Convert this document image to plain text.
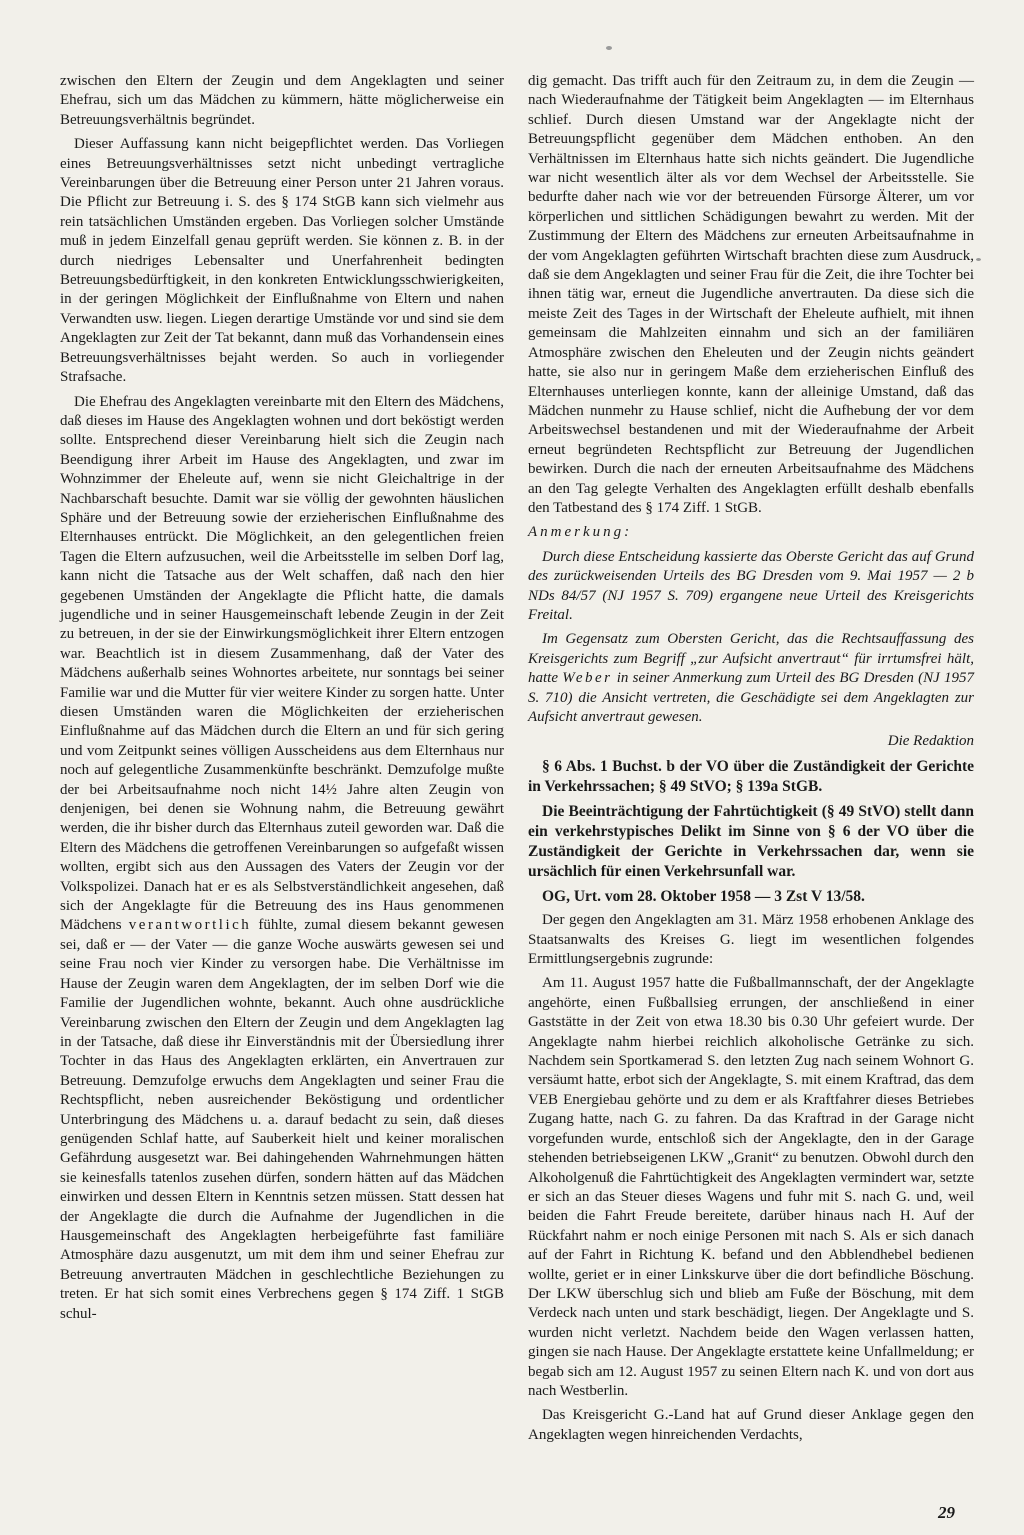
zwischen den Eltern der Zeugin und dem Angeklagten und seiner Ehefrau, sich um das Mädchen zu kümmern, hätte möglicherweise ein Betreuungsverhältnis begründet.

Dieser Auffassung kann nicht beigepflichtet werden. Das Vorliegen eines Betreuungsverhältnisses setzt nicht unbedingt vertragliche Vereinbarungen über die Betreuung einer Person unter 21 Jahren voraus. Die Pflicht zur Betreuung i. S. des § 174 StGB kann sich vielmehr aus rein tatsächlichen Umständen ergeben. Das Vorliegen solcher Umstände muß in jedem Einzelfall genau geprüft werden. Sie können z. B. in der durch niedriges Lebensalter und Unerfahrenheit bedingten Betreuungsbedürftigkeit, in den konkreten Entwicklungsschwierigkeiten, in der geringen Möglichkeit der Einflußnahme von Eltern und nahen Verwandten usw. liegen. Liegen derartige Umstände vor und sind sie dem Angeklagten zur Zeit der Tat bekannt, dann muß das Vorhandensein eines Betreuungsverhältnisses bejaht werden. So auch in vorliegender Strafsache.

Die Ehefrau des Angeklagten vereinbarte mit den Eltern des Mädchens, daß dieses im Hause des Angeklagten wohnen und dort beköstigt werden sollte. Entsprechend dieser Vereinbarung hielt sich die Zeugin nach Beendigung ihrer Arbeit im Hause des Angeklagten, und zwar im Wohnzimmer der Eheleute auf, wenn sie nicht Gleichaltrige in der Nachbarschaft besuchte. Damit war sie völlig der gewohnten häuslichen Sphäre und der Betreuung sowie der erzieherischen Einflußnahme des Elternhauses entrückt. Die Möglichkeit, an den gelegentlichen freien Tagen die Eltern aufzusuchen, weil die Arbeitsstelle im selben Dorf lag, kann nicht die Tatsache aus der Welt schaffen, daß nach den hier gegebenen Umständen der Angeklagte die Pflicht hatte, die damals jugendliche und in seiner Hausgemeinschaft lebende Zeugin in der Zeit zu betreuen, in der sie der Einwirkungsmöglichkeit ihrer Eltern entzogen war. Beachtlich ist in diesem Zusammenhang, daß der Vater des Mädchens außerhalb seines Wohnortes arbeitete, nur sonntags bei seiner Familie war und die Mutter für vier weitere Kinder zu sorgen hatte. Unter diesen Umständen waren die Möglichkeiten der erzieherischen Einflußnahme auf das Mädchen durch die Eltern an und für sich gering und vom Zeitpunkt seines völligen Ausscheidens aus dem Elternhaus nur noch auf gelegentliche Zusammenkünfte beschränkt. Demzufolge mußte der bei Arbeitsaufnahme noch nicht 14½ Jahre alten Zeugin von denjenigen, bei denen sie Wohnung nahm, die Betreuung gewährt werden, die ihr bisher durch das Elternhaus zuteil geworden war. Daß die Eltern des Mädchens die getroffenen Vereinbarungen so aufgefaßt wissen wollten, ergibt sich aus den Aussagen des Vaters der Zeugin vor der Volkspolizei. Danach hat er es als Selbstverständlichkeit angesehen, daß sich der Angeklagte für die Betreuung des ins Haus genommenen Mädchens verantwortlich fühlte, zumal diesem bekannt gewesen sei, daß er — der Vater — die ganze Woche auswärts gewesen sei und seine Frau noch vier Kinder zu versorgen habe. Die Verhältnisse im Hause der Zeugin waren dem Angeklagten, der im selben Dorf wie die Familie der Jugendlichen wohnte, bekannt. Auch ohne ausdrückliche Vereinbarung zwischen den Eltern der Zeugin und dem Angeklagten lag in der Tatsache, daß diese ihr Einverständnis mit der Übersiedlung ihrer Tochter in das Haus des Angeklagten erklärten, ein Anvertrauen zur Betreuung. Demzufolge erwuchs dem Angeklagten und seiner Frau die Rechtspflicht, neben ausreichender Beköstigung und ordentlicher Unterbringung des Mädchens u. a. darauf bedacht zu sein, daß dieses genügenden Schlaf hatte, auf Sauberkeit hielt und keiner moralischen Gefährdung ausgesetzt war. Bei dahingehenden Wahrnehmungen hätten sie keinesfalls tatenlos zusehen dürfen, sondern hätten auf das Mädchen einwirken und dessen Eltern in Kenntnis setzen müssen. Statt dessen hat der Angeklagte die durch die Aufnahme der Jugendlichen in die Hausgemeinschaft des Angeklagten herbeigeführte fast familiäre Atmosphäre dazu ausgenutzt, um mit dem ihm und seiner Ehefrau zur Betreuung anvertrauten Mädchen in geschlechtliche Beziehungen zu treten. Er hat sich somit eines Verbrechens gegen § 174 Ziff. 1 StGB schul-

dig gemacht. Das trifft auch für den Zeitraum zu, in dem die Zeugin — nach Wiederaufnahme der Tätigkeit beim Angeklagten — im Elternhaus schlief. Durch diesen Umstand war der Angeklagte nicht der Betreuungspflicht gegenüber dem Mädchen enthoben. An den Verhältnissen im Elternhaus hatte sich nichts geändert. Die Jugendliche war nicht wesentlich älter als vor dem Wechsel der Arbeitsstelle. Sie bedurfte daher nach wie vor der betreuenden Fürsorge Älterer, um vor körperlichen und sittlichen Schädigungen bewahrt zu werden. Mit der Zustimmung der Eltern des Mädchens zur erneuten Arbeitsaufnahme in der vom Angeklagten geführten Wirtschaft brachten diese zum Ausdruck, daß sie dem Angeklagten und seiner Frau für die Zeit, die ihre Tochter bei ihnen tätig war, erneut die Jugendliche anvertrauten. Da diese sich die meiste Zeit des Tages in der Wirtschaft der Eheleute aufhielt, mit ihnen gemeinsam die Mahlzeiten einnahm und sich an der familiären Atmosphäre zwischen den Eheleuten und der Zeugin nichts geändert hatte, sie also nur in geringem Maße dem erzieherischen Einfluß des Elternhauses unterliegen konnte, kann der alleinige Umstand, daß das Mädchen nunmehr zu Hause schlief, nicht die Aufhebung der vor dem Arbeitswechsel bestandenen und mit der Wiederaufnahme der Arbeit erneut begründeten Rechtspflicht zur Betreuung der Jugendlichen bewirken. Durch die nach der erneuten Arbeitsaufnahme des Mädchens an den Tag gelegte Verhalten des Angeklagten erfüllt deshalb ebenfalls den Tatbestand des § 174 Ziff. 1 StGB.

Anmerkung:

Durch diese Entscheidung kassierte das Oberste Gericht das auf Grund des zurückweisenden Urteils des BG Dresden vom 9. Mai 1957 — 2 b NDs 84/57 (NJ 1957 S. 709) ergangene neue Urteil des Kreisgerichts Freital.

Im Gegensatz zum Obersten Gericht, das die Rechtsauffassung des Kreisgerichts zum Begriff „zur Aufsicht anvertraut“ für irrtumsfrei hält, hatte Weber in seiner Anmerkung zum Urteil des BG Dresden (NJ 1957 S. 710) die Ansicht vertreten, die Geschädigte sei dem Angeklagten zur Aufsicht anvertraut gewesen.

Die Redaktion

§ 6 Abs. 1 Buchst. b der VO über die Zuständigkeit der Gerichte in Verkehrssachen; § 49 StVO; § 139a StGB.

Die Beeinträchtigung der Fahrtüchtigkeit (§ 49 StVO) stellt dann ein verkehrstypisches Delikt im Sinne von § 6 der VO über die Zuständigkeit der Gerichte in Verkehrssachen dar, wenn sie ursächlich für einen Verkehrsunfall war.

OG, Urt. vom 28. Oktober 1958 — 3 Zst V 13/58.

Der gegen den Angeklagten am 31. März 1958 erhobenen Anklage des Staatsanwalts des Kreises G. liegt im wesentlichen folgendes Ermittlungsergebnis zugrunde:

Am 11. August 1957 hatte die Fußballmannschaft, der der Angeklagte angehörte, einen Fußballsieg errungen, der anschließend in einer Gaststätte in der Zeit von etwa 18.30 bis 0.30 Uhr gefeiert wurde. Der Angeklagte nahm hierbei reichlich alkoholische Getränke zu sich. Nachdem sein Sportkamerad S. den letzten Zug nach seinem Wohnort G. versäumt hatte, erbot sich der Angeklagte, S. mit einem Kraftrad, das dem VEB Energiebau gehörte und zu dem er als Kraftfahrer dieses Betriebes Zugang hatte, nach G. zu fahren. Da das Kraftrad in der Garage nicht vorgefunden wurde, entschloß sich der Angeklagte, den in der Garage stehenden betriebseigenen LKW „Granit“ zu benutzen. Obwohl durch den Alkoholgenuß die Fahrtüchtigkeit des Angeklagten vermindert war, setzte er sich an das Steuer dieses Wagens und fuhr mit S. nach G. und, weil beiden die Fahrt Freude bereitete, darüber hinaus nach H. Auf der Rückfahrt nahm er noch einige Personen mit nach S. Als er sich danach auf der Fahrt in Richtung K. befand und den Abblendhebel bedienen wollte, geriet er in einer Linkskurve über die dort befindliche Böschung. Der LKW überschlug sich und blieb am Fuße der Böschung, mit dem Verdeck nach unten und stark beschädigt, liegen. Der Angeklagte und S. wurden nicht verletzt. Nachdem beide den Wagen verlassen hatten, gingen sie nach Hause. Der Angeklagte erstattete keine Unfallmeldung; er begab sich am 12. August 1957 zu seinen Eltern nach K. und von dort aus nach Westberlin.

Das Kreisgericht G.-Land hat auf Grund dieser Anklage gegen den Angeklagten wegen hinreichenden Verdachts,

29
